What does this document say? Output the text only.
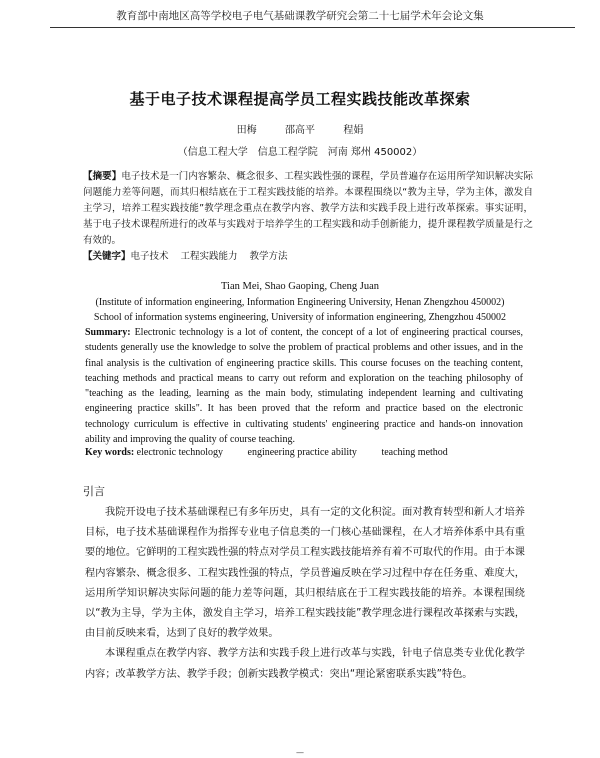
教育部中南地区高等学校电子电气基础课教学研究会第二十七届学术年会论文集
基于电子技术课程提高学员工程实践技能改革探索
田梅	邵高平	程娟
（信息工程大学　信息工程学院　河南 郑州 450002）
【摘要】电子技术是一门内容繁杂、概念很多、工程实践性强的课程，学员普遍存在运用所学知识解决实际问题能力差等问题，而其归根结底在于工程实践技能的培养。本课程围绕以“教为主导，学为主体，激发自主学习，培养工程实践技能”教学理念重点在教学内容、教学方法和实践手段上进行改革探索。事实证明，基于电子技术课程所进行的改革与实践对于培养学生的工程实践和动手创新能力，提升课程教学质量是行之有效的。
【关键字】电子技术 工程实践能力 教学方法
Tian Mei, Shao Gaoping, Cheng Juan
(Institute of information engineering, Information Engineering University, Henan Zhengzhou 450002)
School of information systems engineering, University of information engineering, Zhengzhou 450002
Summary: Electronic technology is a lot of content, the concept of a lot of engineering practical courses, students generally use the knowledge to solve the problem of practical problems and other issues, and in the final analysis is the cultivation of engineering practice skills. This course focuses on the teaching content, teaching methods and practical means to carry out reform and exploration on the teaching philosophy of "teaching as the leading, learning as the main body, stimulating independent learning and cultivating engineering practice skills". It has been proved that the reform and practice based on the electronic technology curriculum is effective in cultivating students' engineering practice and hands-on innovation ability and improving the quality of course teaching.
Key words: electronic technology engineering practice ability teaching method
引言

我院开设电子技术基础课程已有多年历史，具有一定的文化积淀。面对教育转型和新人才培养目标，电子技术基础课程作为指挥专业电子信息类的一门核心基础课程，在人才培养体系中具有重要的地位。它鲜明的工程实践性强的特点对学员工程实践技能培养有着不可取代的作用。由于本课程内容繁杂、概念很多、工程实践性强的特点，学员普遍反映在学习过程中存在任务重、难度大，运用所学知识解决实际问题的能力差等问题，其归根结底在于工程实践技能的培养。本课程围绕以“教为主导，学为主体，激发自主学习，培养工程实践技能”教学理念进行课程改革探索与实践，由目前反映来看，达到了良好的教学效果。

本课程重点在教学内容、教学方法和实践手段上进行改革与实践，针电子信息类专业优化教学内容；改革教学方法、教学手段；创新实践教学模式：突出“理论紧密联系实践”特色。

—
